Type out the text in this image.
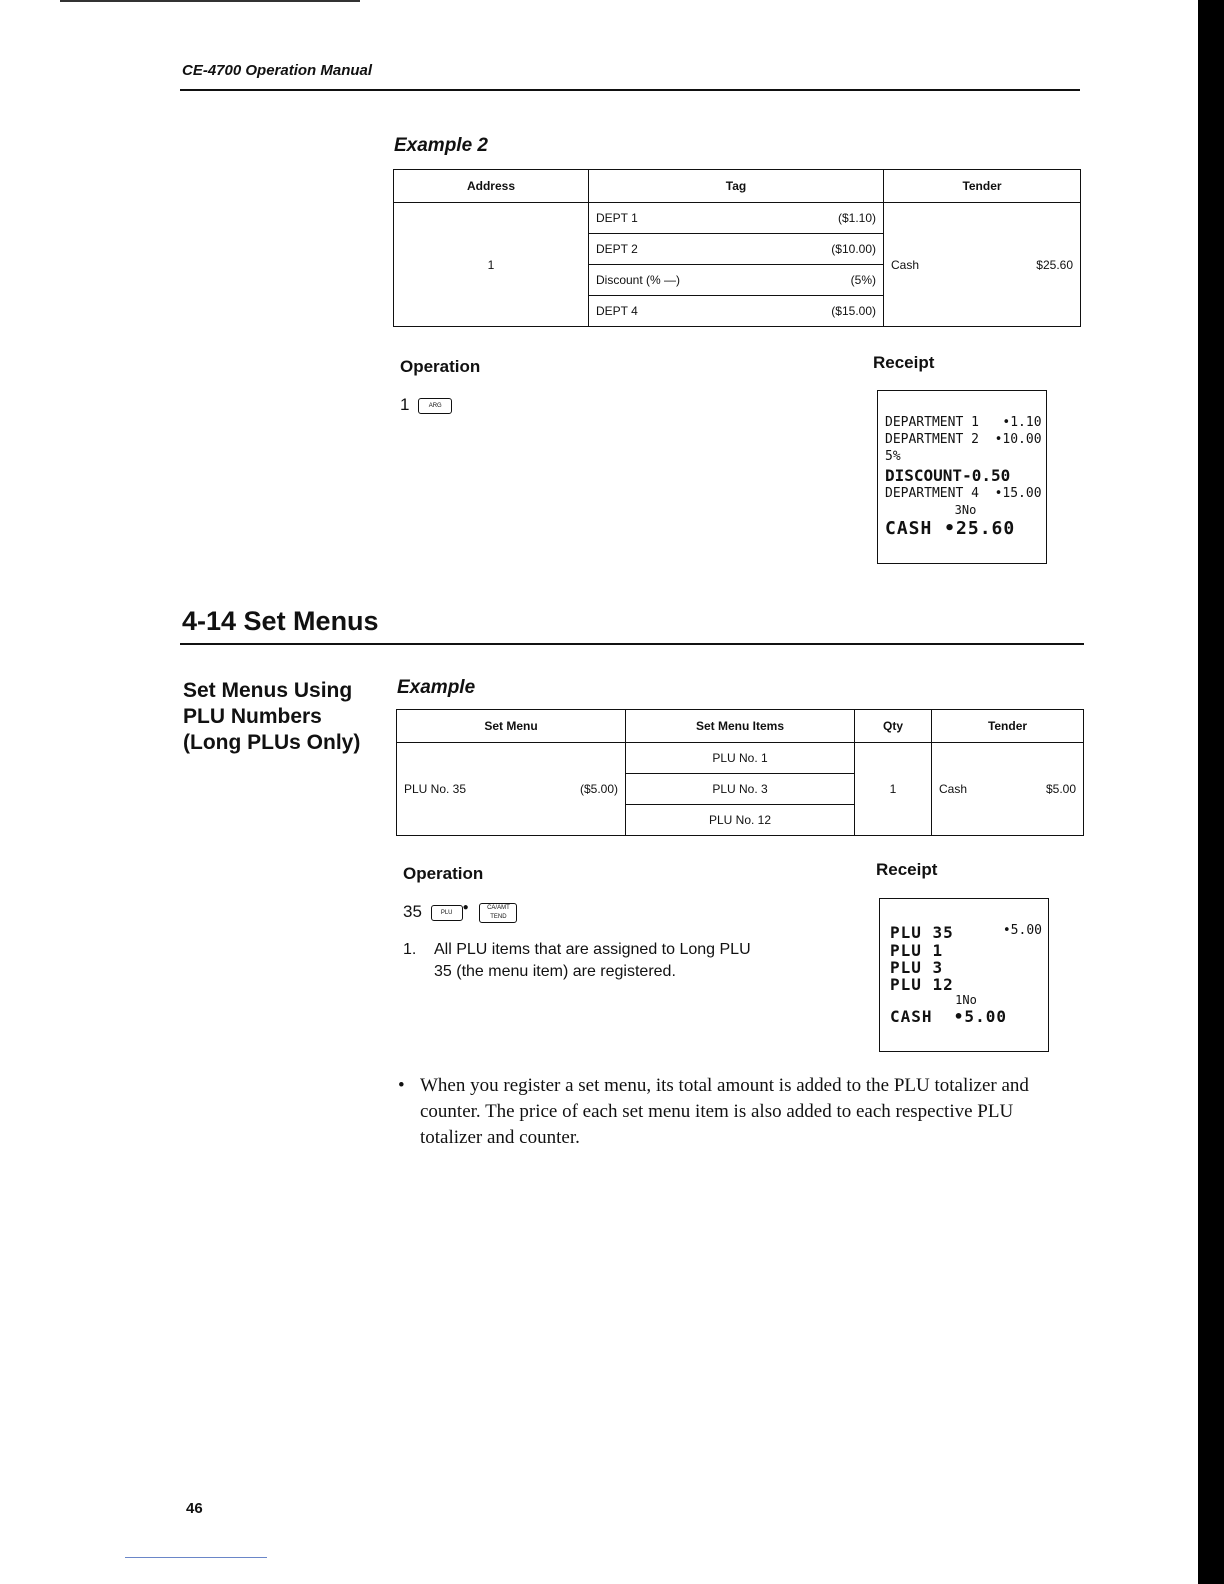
CE-4700 Operation Manual
Example 2
Address	Tag	Tender
1	DEPT 1 ($1.10)	Cash $25.60

	DEPT 2 ($10.00)	

	Discount (% —) (5%)	

	DEPT 4 ($15.00)	
Operation
1	ARG
Receipt
DEPARTMENT 1   •1.10
DEPARTMENT 2  •10.00
5%
DISCOUNT-0.50
DEPARTMENT 4  •15.00
3No
CASH •25.60
4-14 Set Menus
Set Menus Using PLU Numbers (Long PLUs Only)
Example
Set Menu	Set Menu Items	Qty	Tender

PLU No. 35 ($5.00)	PLU No. 1	1	Cash $5.00

	PLU No. 3		
	PLU No. 12		
Operation
35	PLU ●	CA/AMT TEND
1. All PLU items that are assigned to Long PLU 35 (the menu item) are registered.
Receipt
PLU 35	•5.00
PLU 1
PLU 3
PLU 12
1No
CASH  •5.00
• When you register a set menu, its total amount is added to the PLU totalizer and counter. The price of each set menu item is also added to each respective PLU totalizer and counter.
46
